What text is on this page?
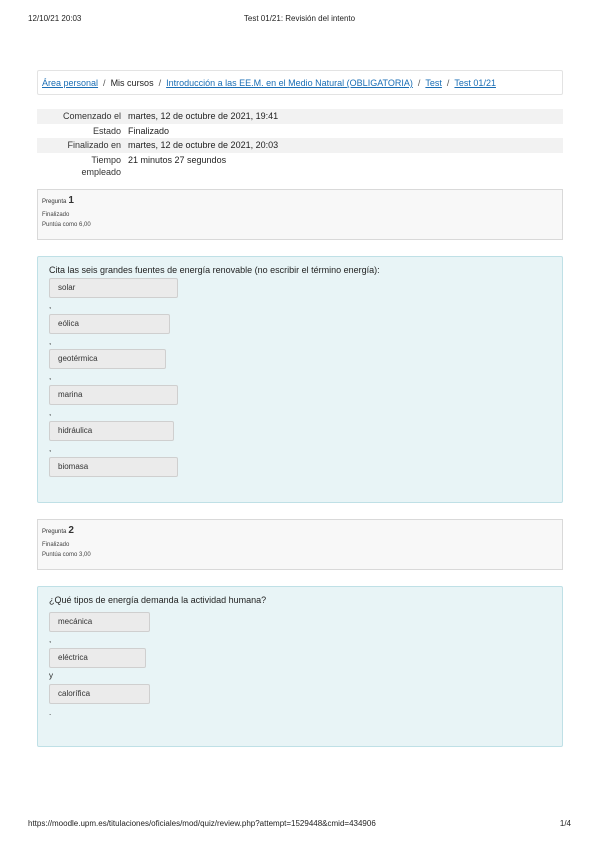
12/10/21 20:03	Test 01/21: Revisión del intento
Área personal / Mis cursos / Introducción a las EE.M. en el Medio Natural (OBLIGATORIA) / Test / Test 01/21
Comenzado el martes, 12 de octubre de 2021, 19:41
Estado Finalizado
Finalizado en martes, 12 de octubre de 2021, 20:03
Tiempo
empleado
21 minutos 27 segundos
Pregunta 1
Finalizado
Puntúa como 6,00
Cita las seis grandes fuentes de energía renovable (no escribir el término energía):
solar
,
eólica
,
geotérmica
,
marina
,
hidráulica
,
biomasa
Pregunta 2
Finalizado
Puntúa como 3,00
¿Qué tipos de energía demanda la actividad humana?
mecánica
,
eléctrica
y
calorífica
.
https://moodle.upm.es/titulaciones/oficiales/mod/quiz/review.php?attempt=1529448&cmid=434906	1/4
